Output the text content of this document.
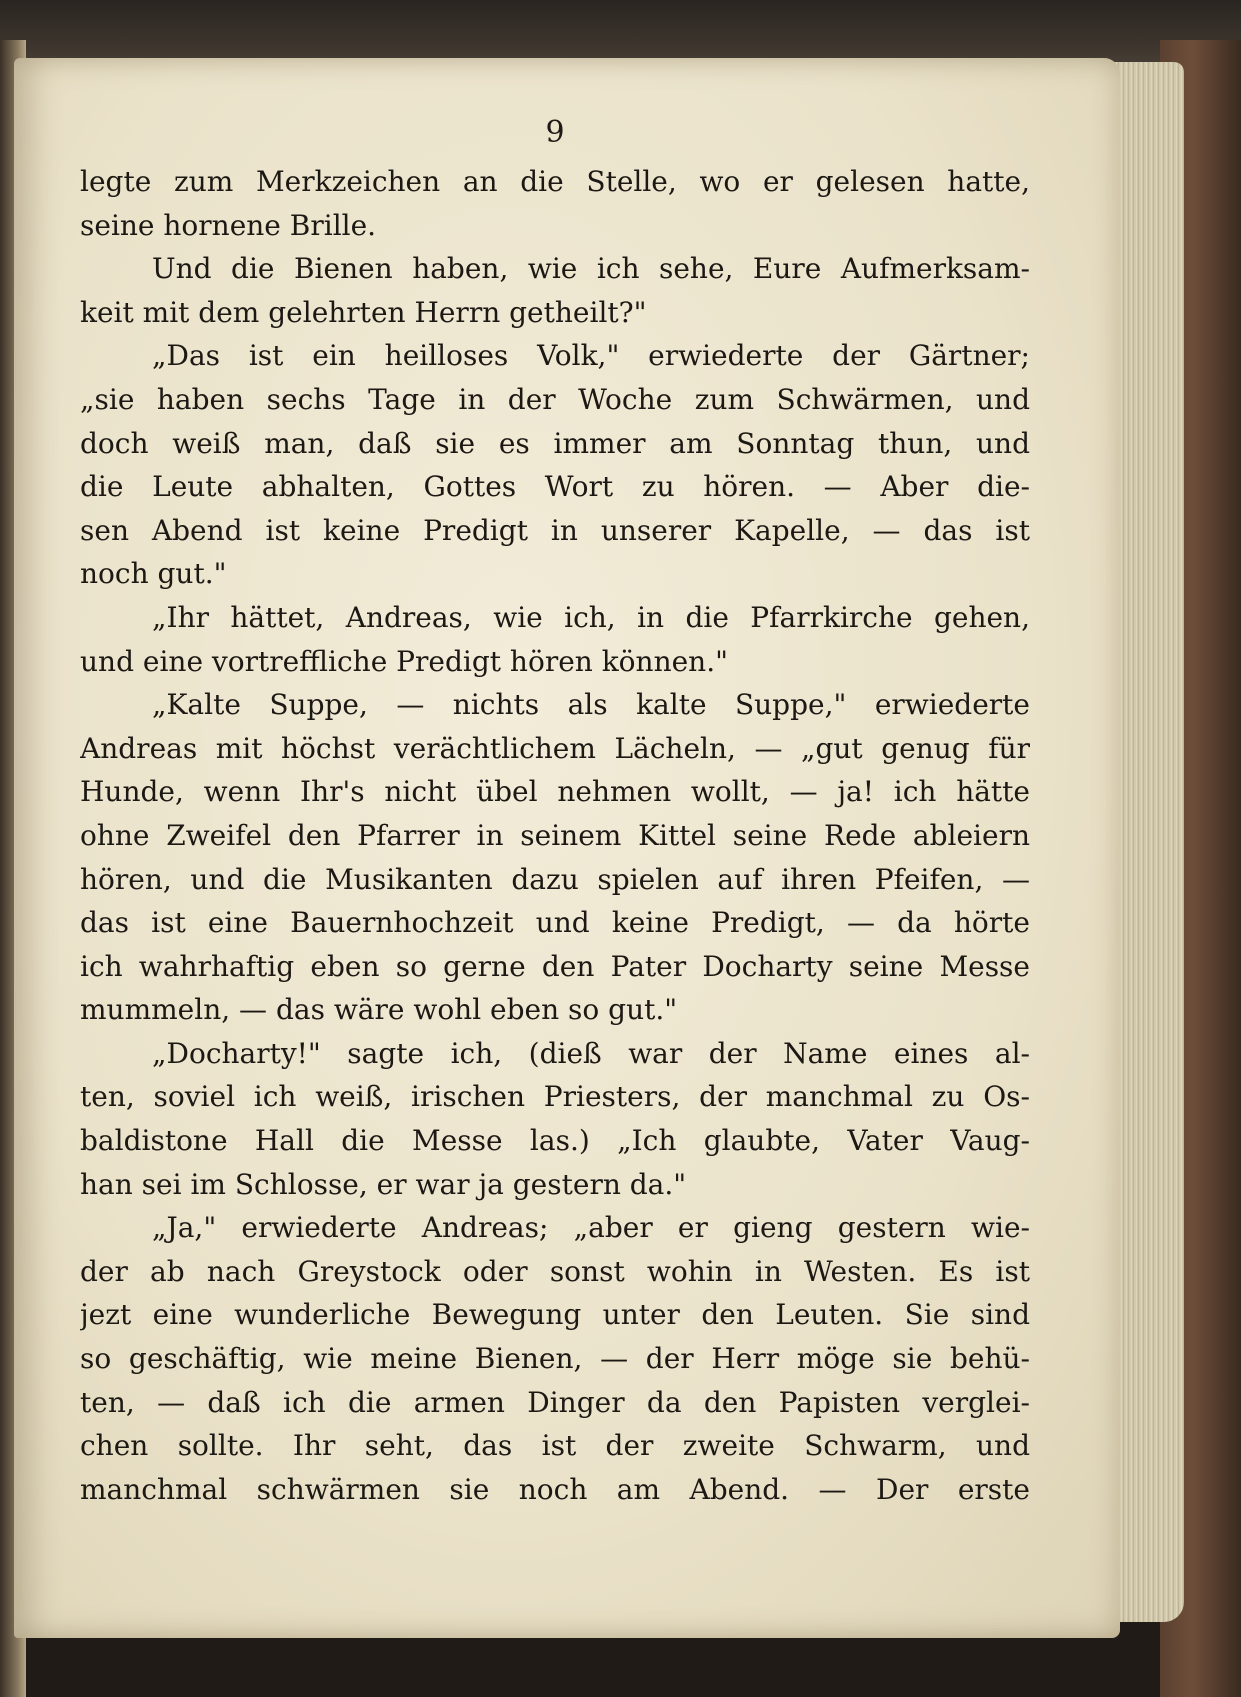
9
legte zum Merkzeichen an die Stelle, wo er gelesen hatte,
seine hornene Brille.
Und die Bienen haben, wie ich sehe, Eure Aufmerksam-
keit mit dem gelehrten Herrn getheilt?"
„Das ist ein heilloses Volk," erwiederte der Gärtner;
„sie haben sechs Tage in der Woche zum Schwärmen, und
doch weiß man, daß sie es immer am Sonntag thun, und
die Leute abhalten, Gottes Wort zu hören. — Aber die-
sen Abend ist keine Predigt in unserer Kapelle, — das ist
noch gut."
„Ihr hättet, Andreas, wie ich, in die Pfarrkirche gehen,
und eine vortreffliche Predigt hören können."
„Kalte Suppe, — nichts als kalte Suppe," erwiederte
Andreas mit höchst verächtlichem Lächeln, — „gut genug für
Hunde, wenn Ihr's nicht übel nehmen wollt, — ja! ich hätte
ohne Zweifel den Pfarrer in seinem Kittel seine Rede ableiern
hören, und die Musikanten dazu spielen auf ihren Pfeifen, —
das ist eine Bauernhochzeit und keine Predigt, — da hörte
ich wahrhaftig eben so gerne den Pater Docharty seine Messe
mummeln, — das wäre wohl eben so gut."
„Docharty!" sagte ich, (dieß war der Name eines al-
ten, soviel ich weiß, irischen Priesters, der manchmal zu Os-
baldistone Hall die Messe las.) „Ich glaubte, Vater Vaug-
han sei im Schlosse, er war ja gestern da."
„Ja," erwiederte Andreas; „aber er gieng gestern wie-
der ab nach Greystock oder sonst wohin in Westen. Es ist
jezt eine wunderliche Bewegung unter den Leuten. Sie sind
so geschäftig, wie meine Bienen, — der Herr möge sie behü-
ten, — daß ich die armen Dinger da den Papisten verglei-
chen sollte. Ihr seht, das ist der zweite Schwarm, und
manchmal schwärmen sie noch am Abend. — Der erste
